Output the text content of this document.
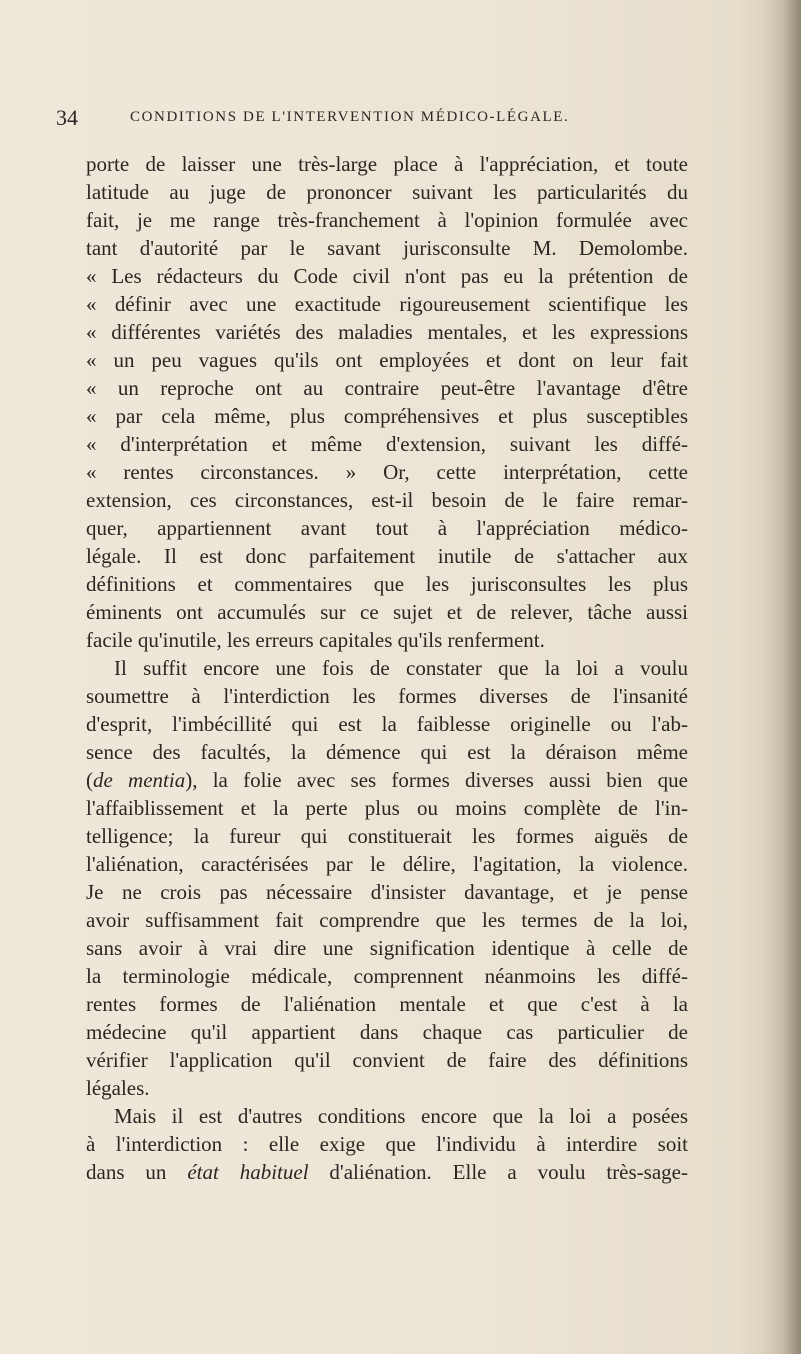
34	CONDITIONS DE L'INTERVENTION MÉDICO-LÉGALE.
porte de laisser une très-large place à l'appréciation, et toute
latitude au juge de prononcer suivant les particularités du
fait, je me range très-franchement à l'opinion formulée avec
tant d'autorité par le savant jurisconsulte M. Demolombe.
« Les rédacteurs du Code civil n'ont pas eu la prétention de
« définir avec une exactitude rigoureusement scientifique les
« différentes variétés des maladies mentales, et les expressions
« un peu vagues qu'ils ont employées et dont on leur fait
« un reproche ont au contraire peut-être l'avantage d'être
« par cela même, plus compréhensives et plus susceptibles
« d'interprétation et même d'extension, suivant les diffé-
« rentes circonstances. » Or, cette interprétation, cette
extension, ces circonstances, est-il besoin de le faire remar-
quer, appartiennent avant tout à l'appréciation médico-
légale. Il est donc parfaitement inutile de s'attacher aux
définitions et commentaires que les jurisconsultes les plus
éminents ont accumulés sur ce sujet et de relever, tâche aussi
facile qu'inutile, les erreurs capitales qu'ils renferment.
Il suffit encore une fois de constater que la loi a voulu
soumettre à l'interdiction les formes diverses de l'insanité
d'esprit, l'imbécillité qui est la faiblesse originelle ou l'ab-
sence des facultés, la démence qui est la déraison même
(de mentia), la folie avec ses formes diverses aussi bien que
l'affaiblissement et la perte plus ou moins complète de l'in-
telligence; la fureur qui constituerait les formes aiguës de
l'aliénation, caractérisées par le délire, l'agitation, la violence.
Je ne crois pas nécessaire d'insister davantage, et je pense
avoir suffisamment fait comprendre que les termes de la loi,
sans avoir à vrai dire une signification identique à celle de
la terminologie médicale, comprennent néanmoins les diffé-
rentes formes de l'aliénation mentale et que c'est à la
médecine qu'il appartient dans chaque cas particulier de
vérifier l'application qu'il convient de faire des définitions
légales.
Mais il est d'autres conditions encore que la loi a posées
à l'interdiction : elle exige que l'individu à interdire soit
dans un état habituel d'aliénation. Elle a voulu très-sage-
